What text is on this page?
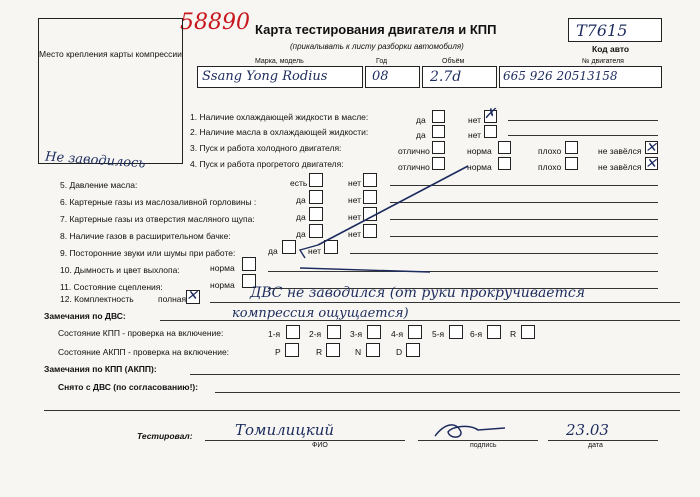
58890 Карта тестирования двигателя и КПП
(прикалывать к листу разборки автомобиля)
T7615
Код авто
Место крепления карты компрессии
Марка, модель	Год	Объём	№ двигателя
Ssang Yong Rodius	08	2.7d	665 926 20513158
1. Наличие охлаждающей жидкости в масле:	да	нет ✗
2. Наличие масла в охлаждающей жидкости:	да	нет
3. Пуск и работа холодного двигателя:	отлично	норма	плохо	не завёлся ✕
4. Пуск и работа прогретого двигателя:	отлично	норма	плохо	не завёлся ✕
Не заводилось
5. Давление масла:	есть	нет
6. Картерные газы из маслозаливной горловины :	да	нет
7. Картерные газы из отверстия масляного щупа:	да	нет
8. Наличие газов в расширительном бачке:	да	нет
9. Посторонние звуки или шумы при работе:	да	нет
10. Дымность и цвет выхлопа:	норма
11. Состояние сцепления:	норма
12. Комплектность	полная ✕	ДВС не заводился (от руки прокручивается
Замечания по ДВС:	компрессия ощущается)
Состояние КПП - проверка на включение:	1-я	2-я	3-я	4-я	5-я	6-я	R
Состояние АКПП - проверка на включение:	P	R	N	D
Замечания по КПП (АКПП):
Снято с ДВС (по согласованию!):
Тестировал:	Томилицкий
ФИО	подпись
23.03
дата
